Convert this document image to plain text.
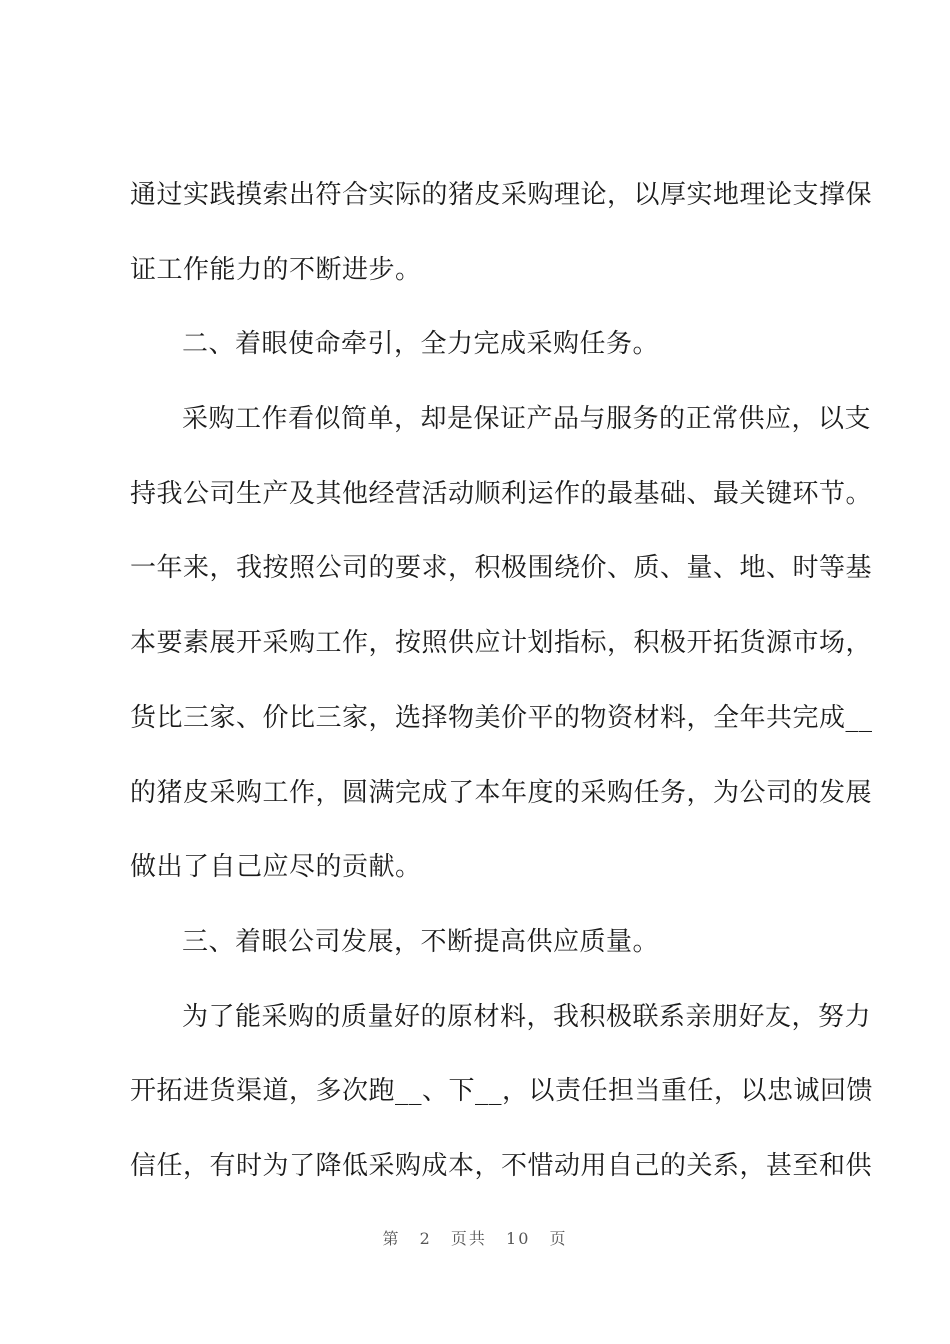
通过实践摸索出符合实际的猪皮采购理论，以厚实地理论支撑保
证工作能力的不断进步。
二、着眼使命牵引，全力完成采购任务。
采购工作看似简单，却是保证产品与服务的正常供应，以支
持我公司生产及其他经营活动顺利运作的最基础、最关键环节。
一年来，我按照公司的要求，积极围绕价、质、量、地、时等基
本要素展开采购工作，按照供应计划指标，积极开拓货源市场，
货比三家、价比三家，选择物美价平的物资材料，全年共完成__
的猪皮采购工作，圆满完成了本年度的采购任务，为公司的发展
做出了自己应尽的贡献。
三、着眼公司发展，不断提高供应质量。
为了能采购的质量好的原材料，我积极联系亲朋好友，努力
开拓进货渠道，多次跑__、下__，以责任担当重任，以忠诚回馈
信任，有时为了降低采购成本，不惜动用自己的关系，甚至和供
第 2 页共 10 页
